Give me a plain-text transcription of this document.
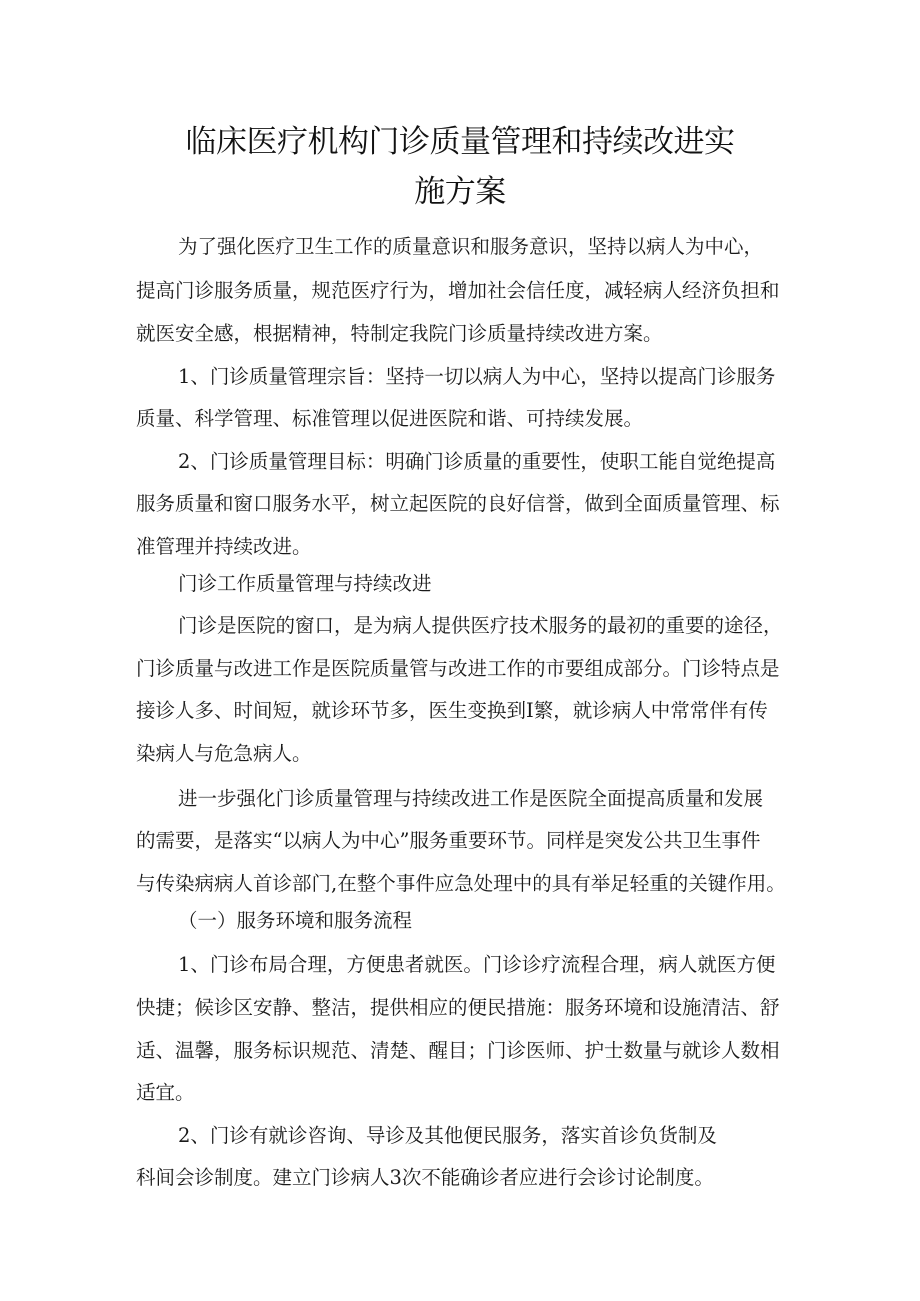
临床医疗机构门诊质量管理和持续改进实
施方案

为了强化医疗卫生工作的质量意识和服务意识，坚持以病人为中心，

提高门诊服务质量，规范医疗行为，增加社会信任度，减轻病人经济负担和

就医安全感，根据精神，特制定我院门诊质量持续改进方案。

1、门诊质量管理宗旨：坚持一切以病人为中心，坚持以提高门诊服务

质量、科学管理、标准管理以促进医院和谐、可持续发展。

2、门诊质量管理目标：明确门诊质量的重要性，使职工能自觉绝提高

服务质量和窗口服务水平，树立起医院的良好信誉，做到全面质量管理、标

准管理并持续改进。

门诊工作质量管理与持续改进

门诊是医院的窗口，是为病人提供医疗技术服务的最初的重要的途径，

门诊质量与改进工作是医院质量管与改进工作的市要组成部分。门诊特点是

接诊人多、时间短，就诊环节多，医生变换到I繁，就诊病人中常常伴有传

染病人与危急病人。

进一步强化门诊质量管理与持续改进工作是医院全面提高质量和发展

的需要，是落实“以病人为中心”服务重要环节。同样是突发公共卫生事件

与传染病病人首诊部门,在整个事件应急处理中的具有举足轻重的关键作用。

（一）服务环境和服务流程

1、门诊布局合理，方便患者就医。门诊诊疗流程合理，病人就医方便

快捷；候诊区安静、整洁，提供相应的便民措施：服务环境和设施清洁、舒

适、温馨，服务标识规范、清楚、醒目；门诊医师、护士数量与就诊人数相

适宜。

2、门诊有就诊咨询、导诊及其他便民服务，落实首诊负货制及

科间会诊制度。建立门诊病人3次不能确诊者应进行会诊讨论制度。
